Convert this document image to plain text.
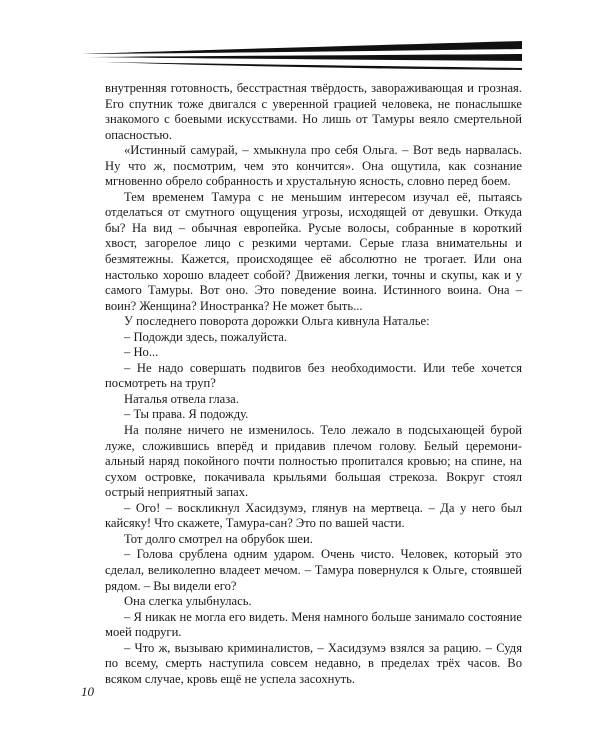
внутренняя готовность, бесстрастная твёрдость, завораживающая и грозная. Его спутник тоже двигался с уверенной грацией человека, не понаслышке знакомого с боевыми искусствами. Но лишь от Тамуры веяло смертельной опасностью.

«Истинный самурай, – хмыкнула про себя Ольга. – Вот ведь нарвалась. Ну что ж, посмотрим, чем это кончится». Она ощутила, как сознание мгновенно обрело собранность и хрустальную ясность, словно перед боем.

Тем временем Тамура с не меньшим интересом изучал её, пытаясь отделаться от смутного ощущения угрозы, исходящей от девушки. Откуда бы? На вид – обычная европейка. Русые волосы, собранные в короткий хвост, загорелое лицо с резкими чертами. Серые глаза внимательны и безмятежны. Кажется, происходящее её абсолютно не трогает. Или она настолько хорошо владеет собой? Движения легки, точны и скупы, как и у самого Тамуры. Вот оно. Это поведение воина. Истинного воина. Она – воин? Женщина? Иностранка? Не может быть...

У последнего поворота дорожки Ольга кивнула Наталье:

– Подожди здесь, пожалуйста.

– Но...

– Не надо совершать подвигов без необходимости. Или тебе хочется посмотреть на труп?

Наталья отвела глаза.

– Ты права. Я подожду.

На поляне ничего не изменилось. Тело лежало в подсыхающей бурой луже, сложившись вперёд и придавив плечом голову. Белый церемониальный наряд покойного почти полностью пропитался кровью; на спине, на сухом островке, покачивала крыльями большая стрекоза. Вокруг стоял острый неприятный запах.

– Ого! – воскликнул Хасидзумэ, глянув на мертвеца. – Да у него был кайсяку! Что скажете, Тамура-сан? Это по вашей части.

Тот долго смотрел на обрубок шеи.

– Голова срублена одним ударом. Очень чисто. Человек, который это сделал, великолепно владеет мечом. – Тамура повернулся к Ольге, стоявшей рядом. – Вы видели его?

Она слегка улыбнулась.

– Я никак не могла его видеть. Меня намного больше занимало состояние моей подруги.

– Что ж, вызываю криминалистов, – Хасидзумэ взялся за рацию. – Судя по всему, смерть наступила совсем недавно, в пределах трёх часов. Во всяком случае, кровь ещё не успела засохнуть.

10
